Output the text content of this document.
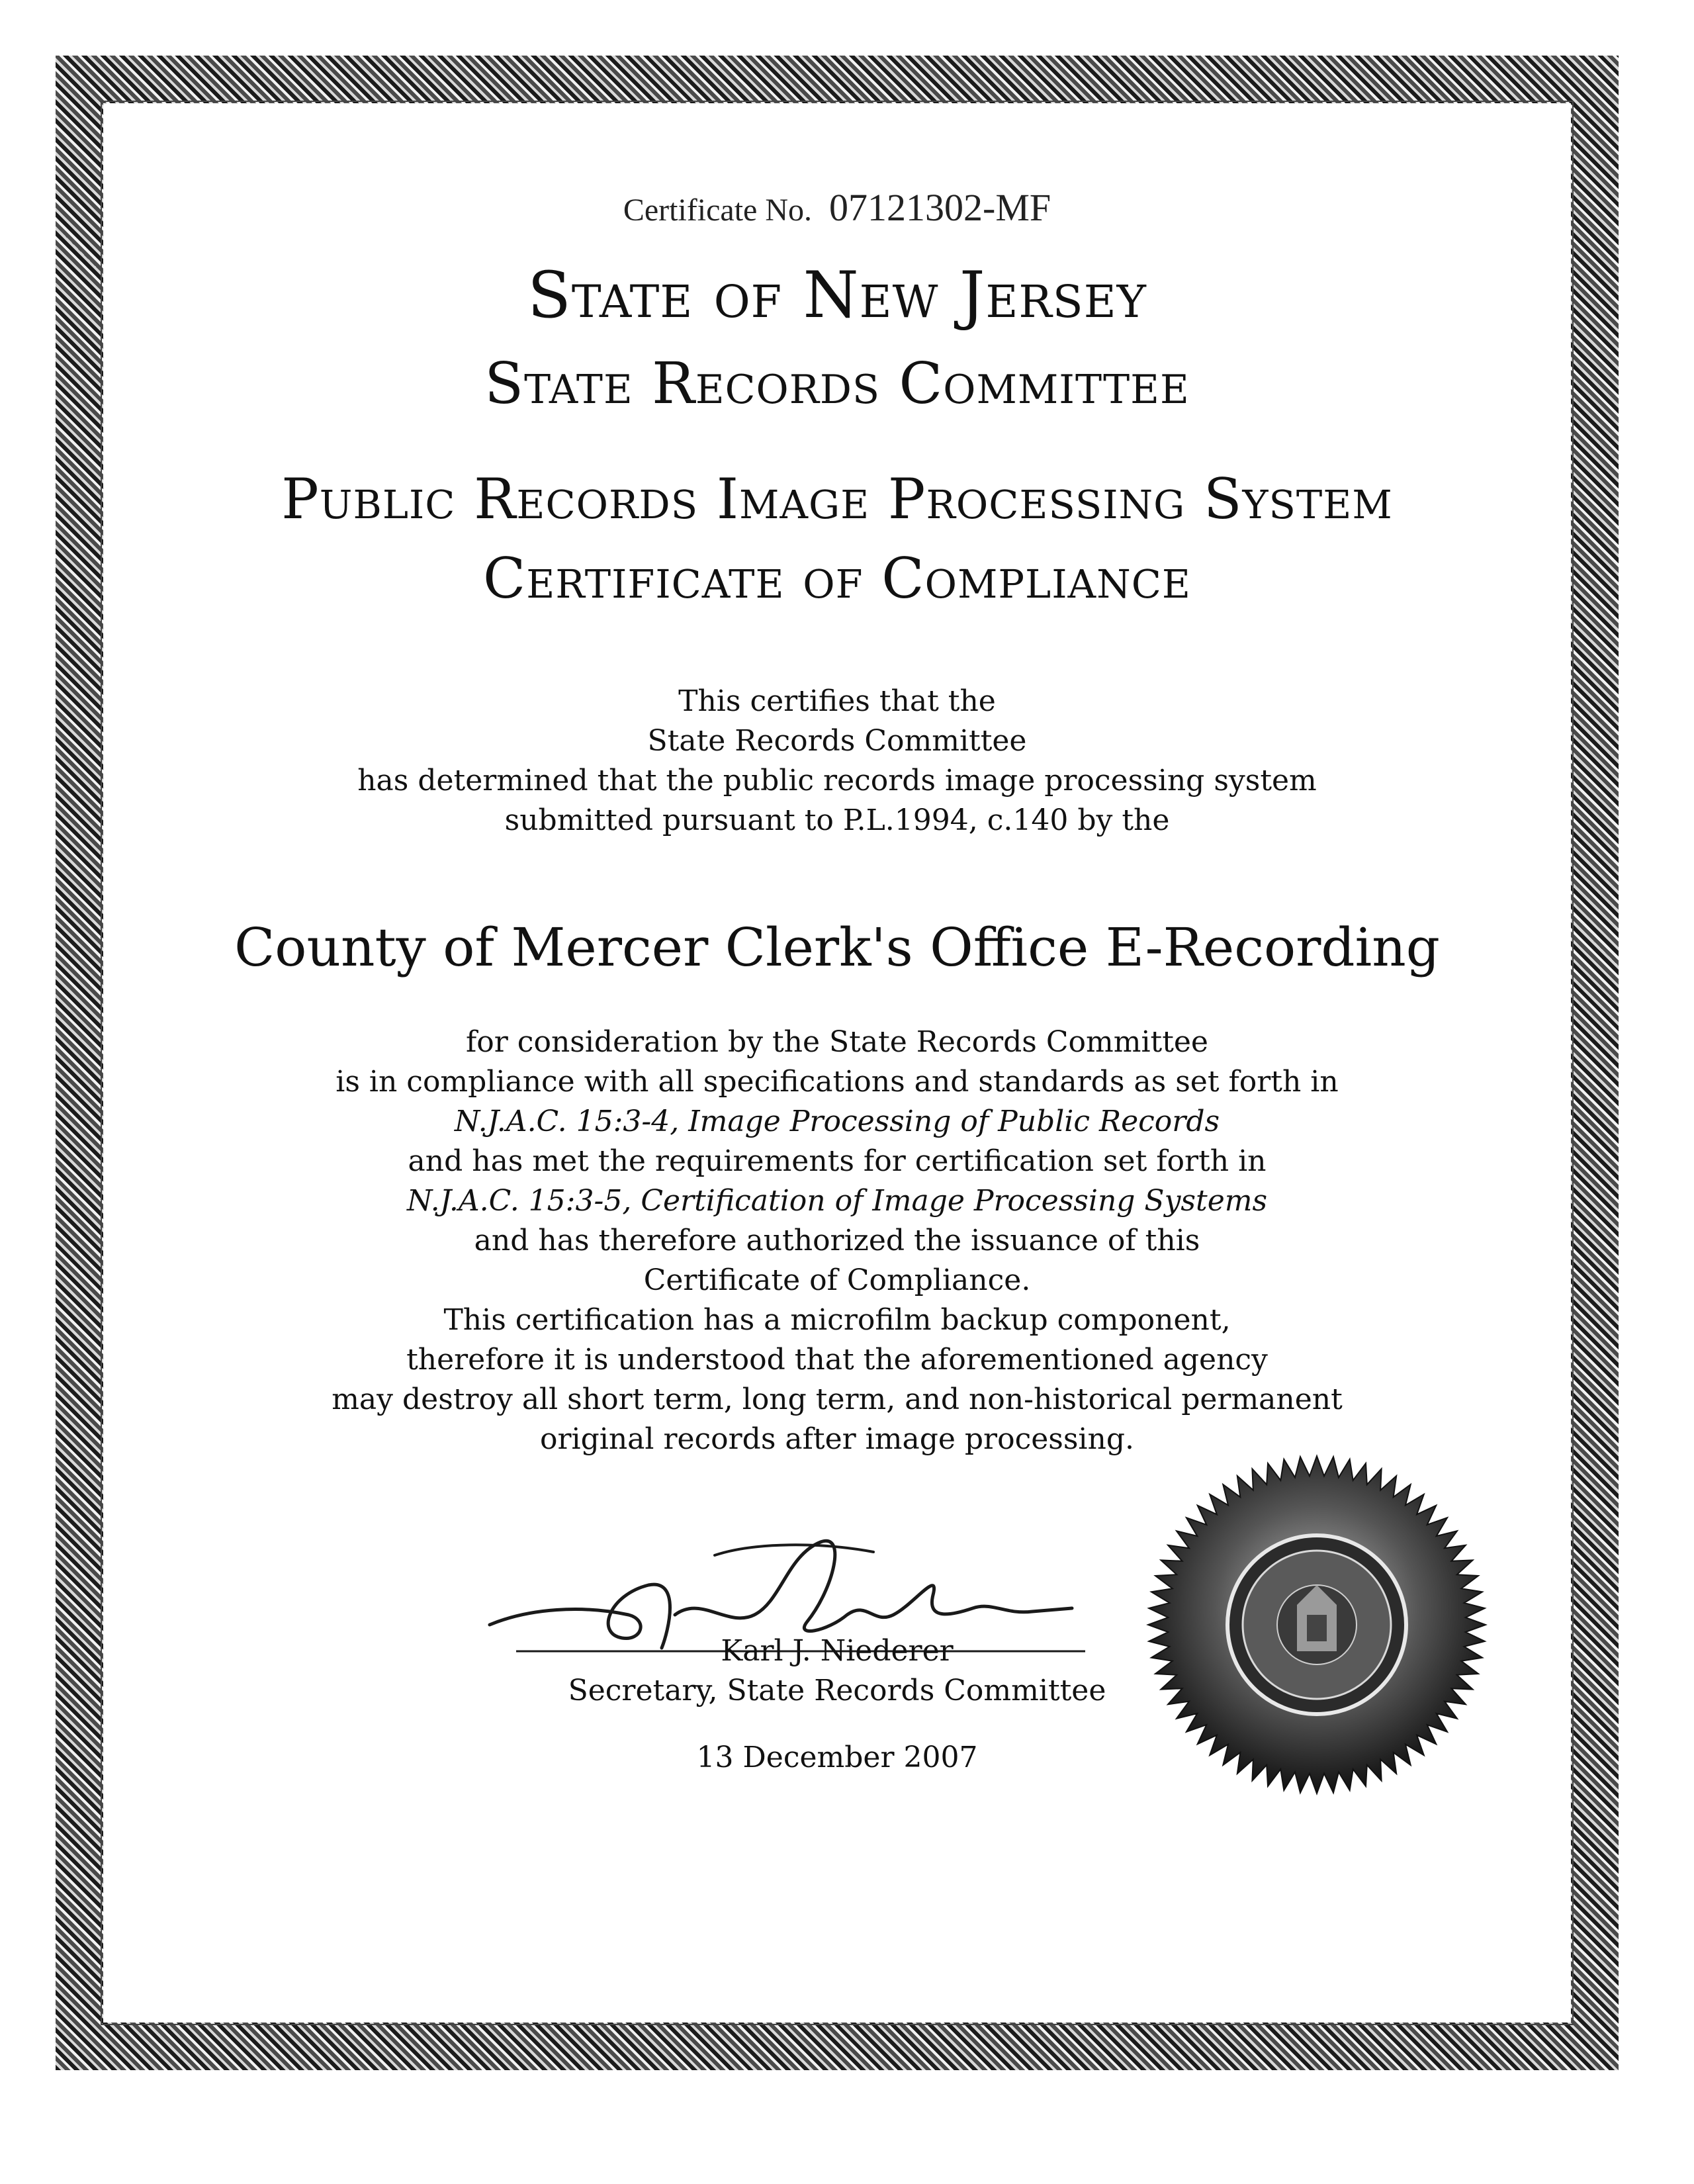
Certificate No. 07121302-MF
State of New Jersey
State Records Committee
Public Records Image Processing System
Certificate of Compliance
This certifies that the
State Records Committee
has determined that the public records image processing system
submitted pursuant to P.L.1994, c.140 by the
County of Mercer Clerk's Office E-Recording
for consideration by the State Records Committee
is in compliance with all specifications and standards as set forth in
N.J.A.C. 15:3-4, Image Processing of Public Records
and has met the requirements for certification set forth in
N.J.A.C. 15:3-5, Certification of Image Processing Systems
and has therefore authorized the issuance of this
Certificate of Compliance.
This certification has a microfilm backup component,
therefore it is understood that the aforementioned agency
may destroy all short term, long term, and non-historical permanent
original records after image processing.
Karl J. Niederer
Secretary, State Records Committee
13 December 2007
